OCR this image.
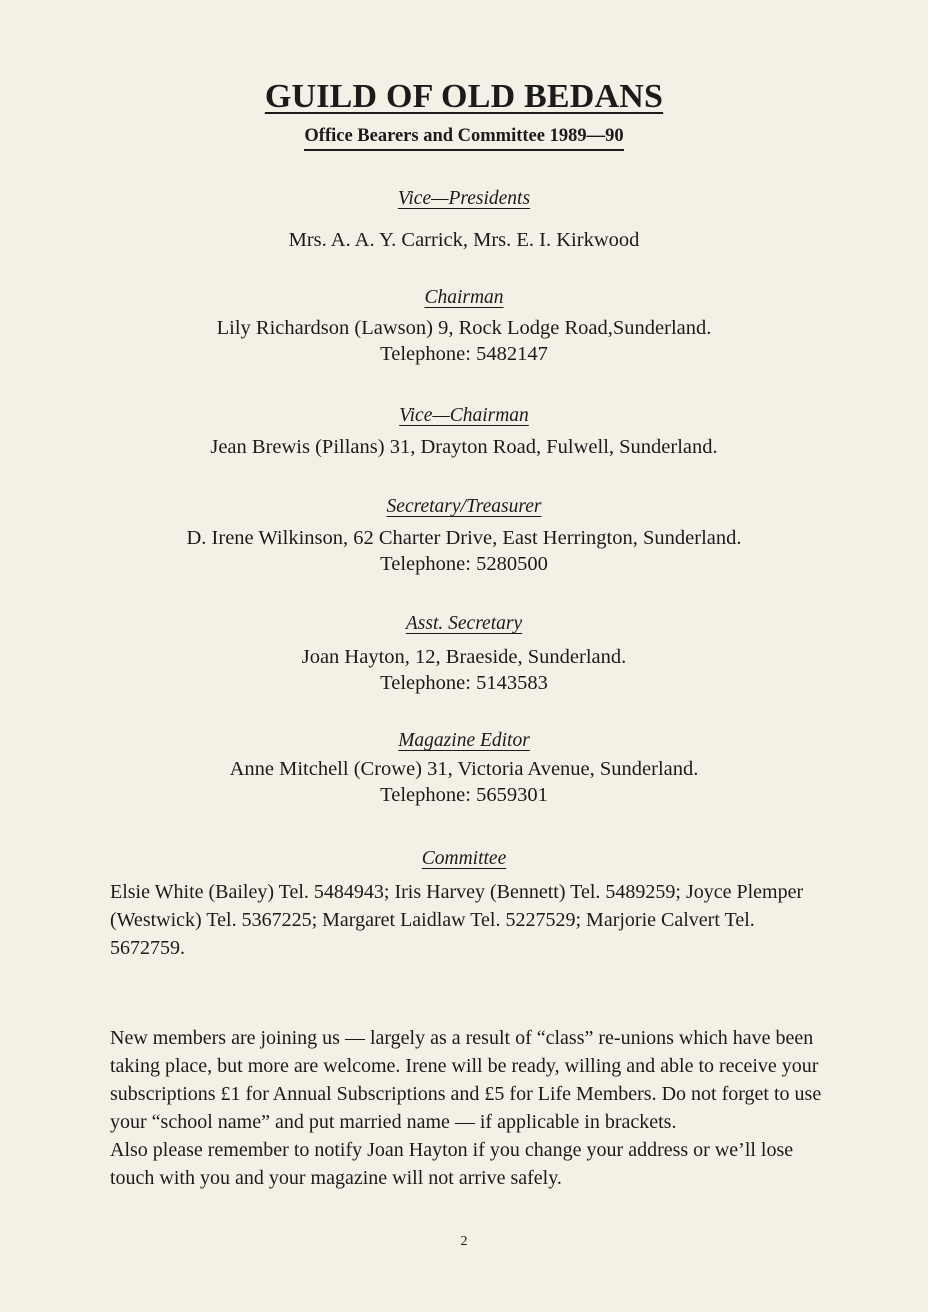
GUILD OF OLD BEDANS
Office Bearers and Committee 1989—90
Vice—Presidents
Mrs. A. A. Y. Carrick, Mrs. E. I. Kirkwood
Chairman
Lily Richardson (Lawson) 9, Rock Lodge Road,Sunderland.
Telephone: 5482147
Vice—Chairman
Jean Brewis (Pillans) 31, Drayton Road, Fulwell, Sunderland.
Secretary/Treasurer
D. Irene Wilkinson, 62 Charter Drive, East Herrington, Sunderland.
Telephone: 5280500
Asst. Secretary
Joan Hayton, 12, Braeside, Sunderland.
Telephone: 5143583
Magazine Editor
Anne Mitchell (Crowe) 31, Victoria Avenue, Sunderland.
Telephone: 5659301
Committee
Elsie White (Bailey) Tel. 5484943; Iris Harvey (Bennett) Tel. 5489259; Joyce Plemper (Westwick) Tel. 5367225; Margaret Laidlaw Tel. 5227529; Marjorie Calvert Tel. 5672759.
New members are joining us — largely as a result of “class” re-unions which have been taking place, but more are welcome. Irene will be ready, willing and able to receive your subscriptions £1 for Annual Subscriptions and £5 for Life Members. Do not forget to use your “school name” and put married name — if applicable in brackets.
Also please remember to notify Joan Hayton if you change your address or we’ll lose touch with you and your magazine will not arrive safely.
2
